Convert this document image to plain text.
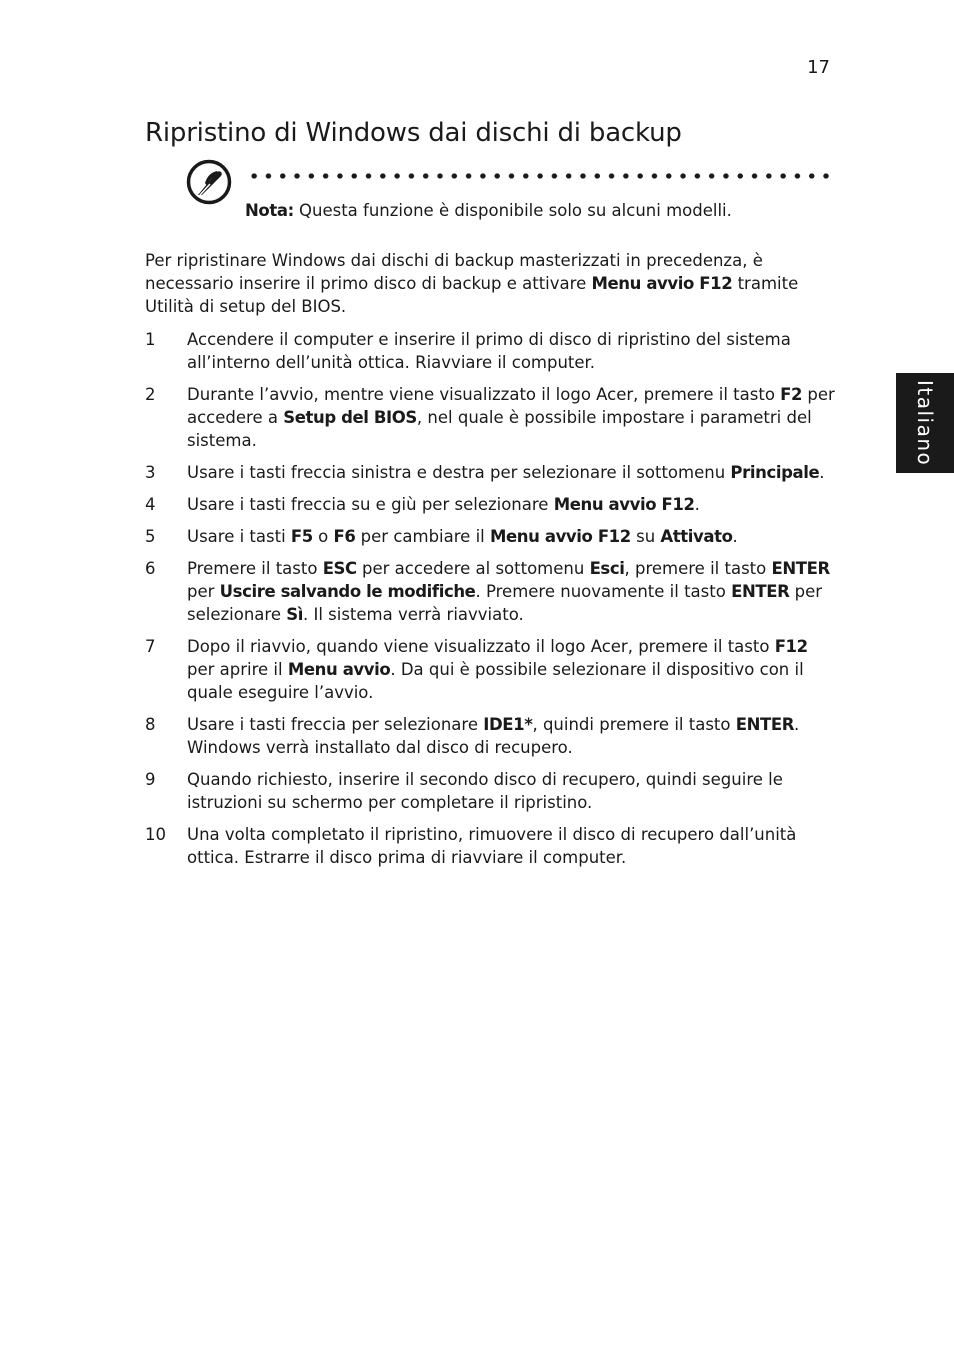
17
Ripristino di Windows dai dischi di backup
Nota: Questa funzione è disponibile solo su alcuni modelli.

Per ripristinare Windows dai dischi di backup masterizzati in precedenza, è necessario inserire il primo disco di backup e attivare Menu avvio F12 tramite Utilità di setup del BIOS.

1	Accendere il computer e inserire il primo di disco di ripristino del sistema all’interno dell’unità ottica. Riavviare il computer.
2	Durante l’avvio, mentre viene visualizzato il logo Acer, premere il tasto F2 per accedere a Setup del BIOS, nel quale è possibile impostare i parametri del sistema.
3	Usare i tasti freccia sinistra e destra per selezionare il sottomenu Principale.
4	Usare i tasti freccia su e giù per selezionare Menu avvio F12.
5	Usare i tasti F5 o F6 per cambiare il Menu avvio F12 su Attivato.
6	Premere il tasto ESC per accedere al sottomenu Esci, premere il tasto ENTER per Uscire salvando le modifiche. Premere nuovamente il tasto ENTER per selezionare Sì. Il sistema verrà riavviato.
7	Dopo il riavvio, quando viene visualizzato il logo Acer, premere il tasto F12 per aprire il Menu avvio. Da qui è possibile selezionare il dispositivo con il quale eseguire l’avvio.
8	Usare i tasti freccia per selezionare IDE1*, quindi premere il tasto ENTER. Windows verrà installato dal disco di recupero.
9	Quando richiesto, inserire il secondo disco di recupero, quindi seguire le istruzioni su schermo per completare il ripristino.
10	Una volta completato il ripristino, rimuovere il disco di recupero dall’unità ottica. Estrarre il disco prima di riavviare il computer.
Italiano
